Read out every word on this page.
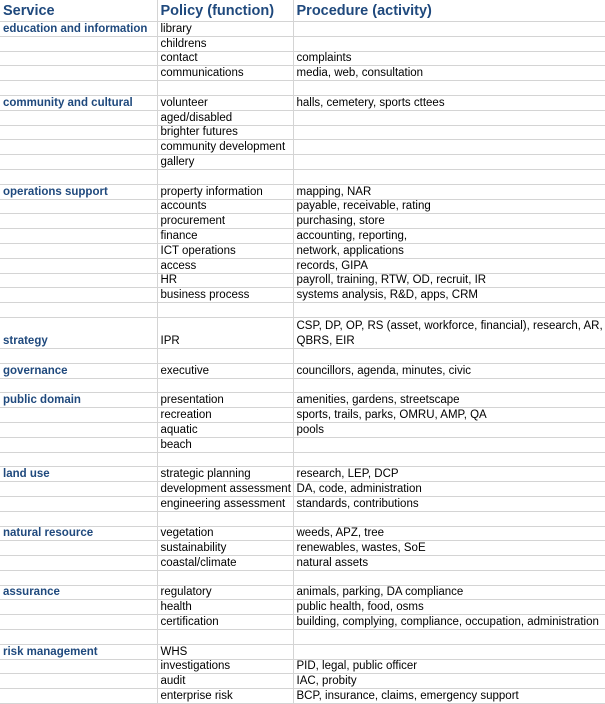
Service	Policy (function)	Procedure (activity)
education and information	library	
	childrens	
	contact	complaints
	communications	media, web, consultation

community and cultural	volunteer	halls, cemetery, sports cttees
	aged/disabled	
	brighter futures	
	community development	
	gallery	

operations support	property information	mapping, NAR
	accounts	payable, receivable, rating
	procurement	purchasing, store
	finance	accounting, reporting,
	ICT operations	network, applications
	access	records, GIPA
	HR	payroll, training, RTW, OD, recruit, IR
	business process	systems analysis, R&D, apps, CRM

strategy	IPR	CSP, DP, OP, RS (asset, workforce, financial), research, AR, QBRS, EIR

governance	executive	councillors, agenda, minutes, civic

public domain	presentation	amenities, gardens, streetscape
	recreation	sports, trails, parks, OMRU, AMP, QA
	aquatic	pools
	beach	

land use	strategic planning	research, LEP, DCP
	development assessment	DA, code, administration
	engineering assessment	standards, contributions

natural resource	vegetation	weeds, APZ, tree
	sustainability	renewables, wastes, SoE
	coastal/climate	natural assets

assurance	regulatory	animals, parking, DA compliance
	health	public health, food, osms
	certification	building, complying, compliance, occupation, administration

risk management	WHS	
	investigations	PID, legal, public officer
	audit	IAC, probity
	enterprise risk	BCP, insurance, claims, emergency support
